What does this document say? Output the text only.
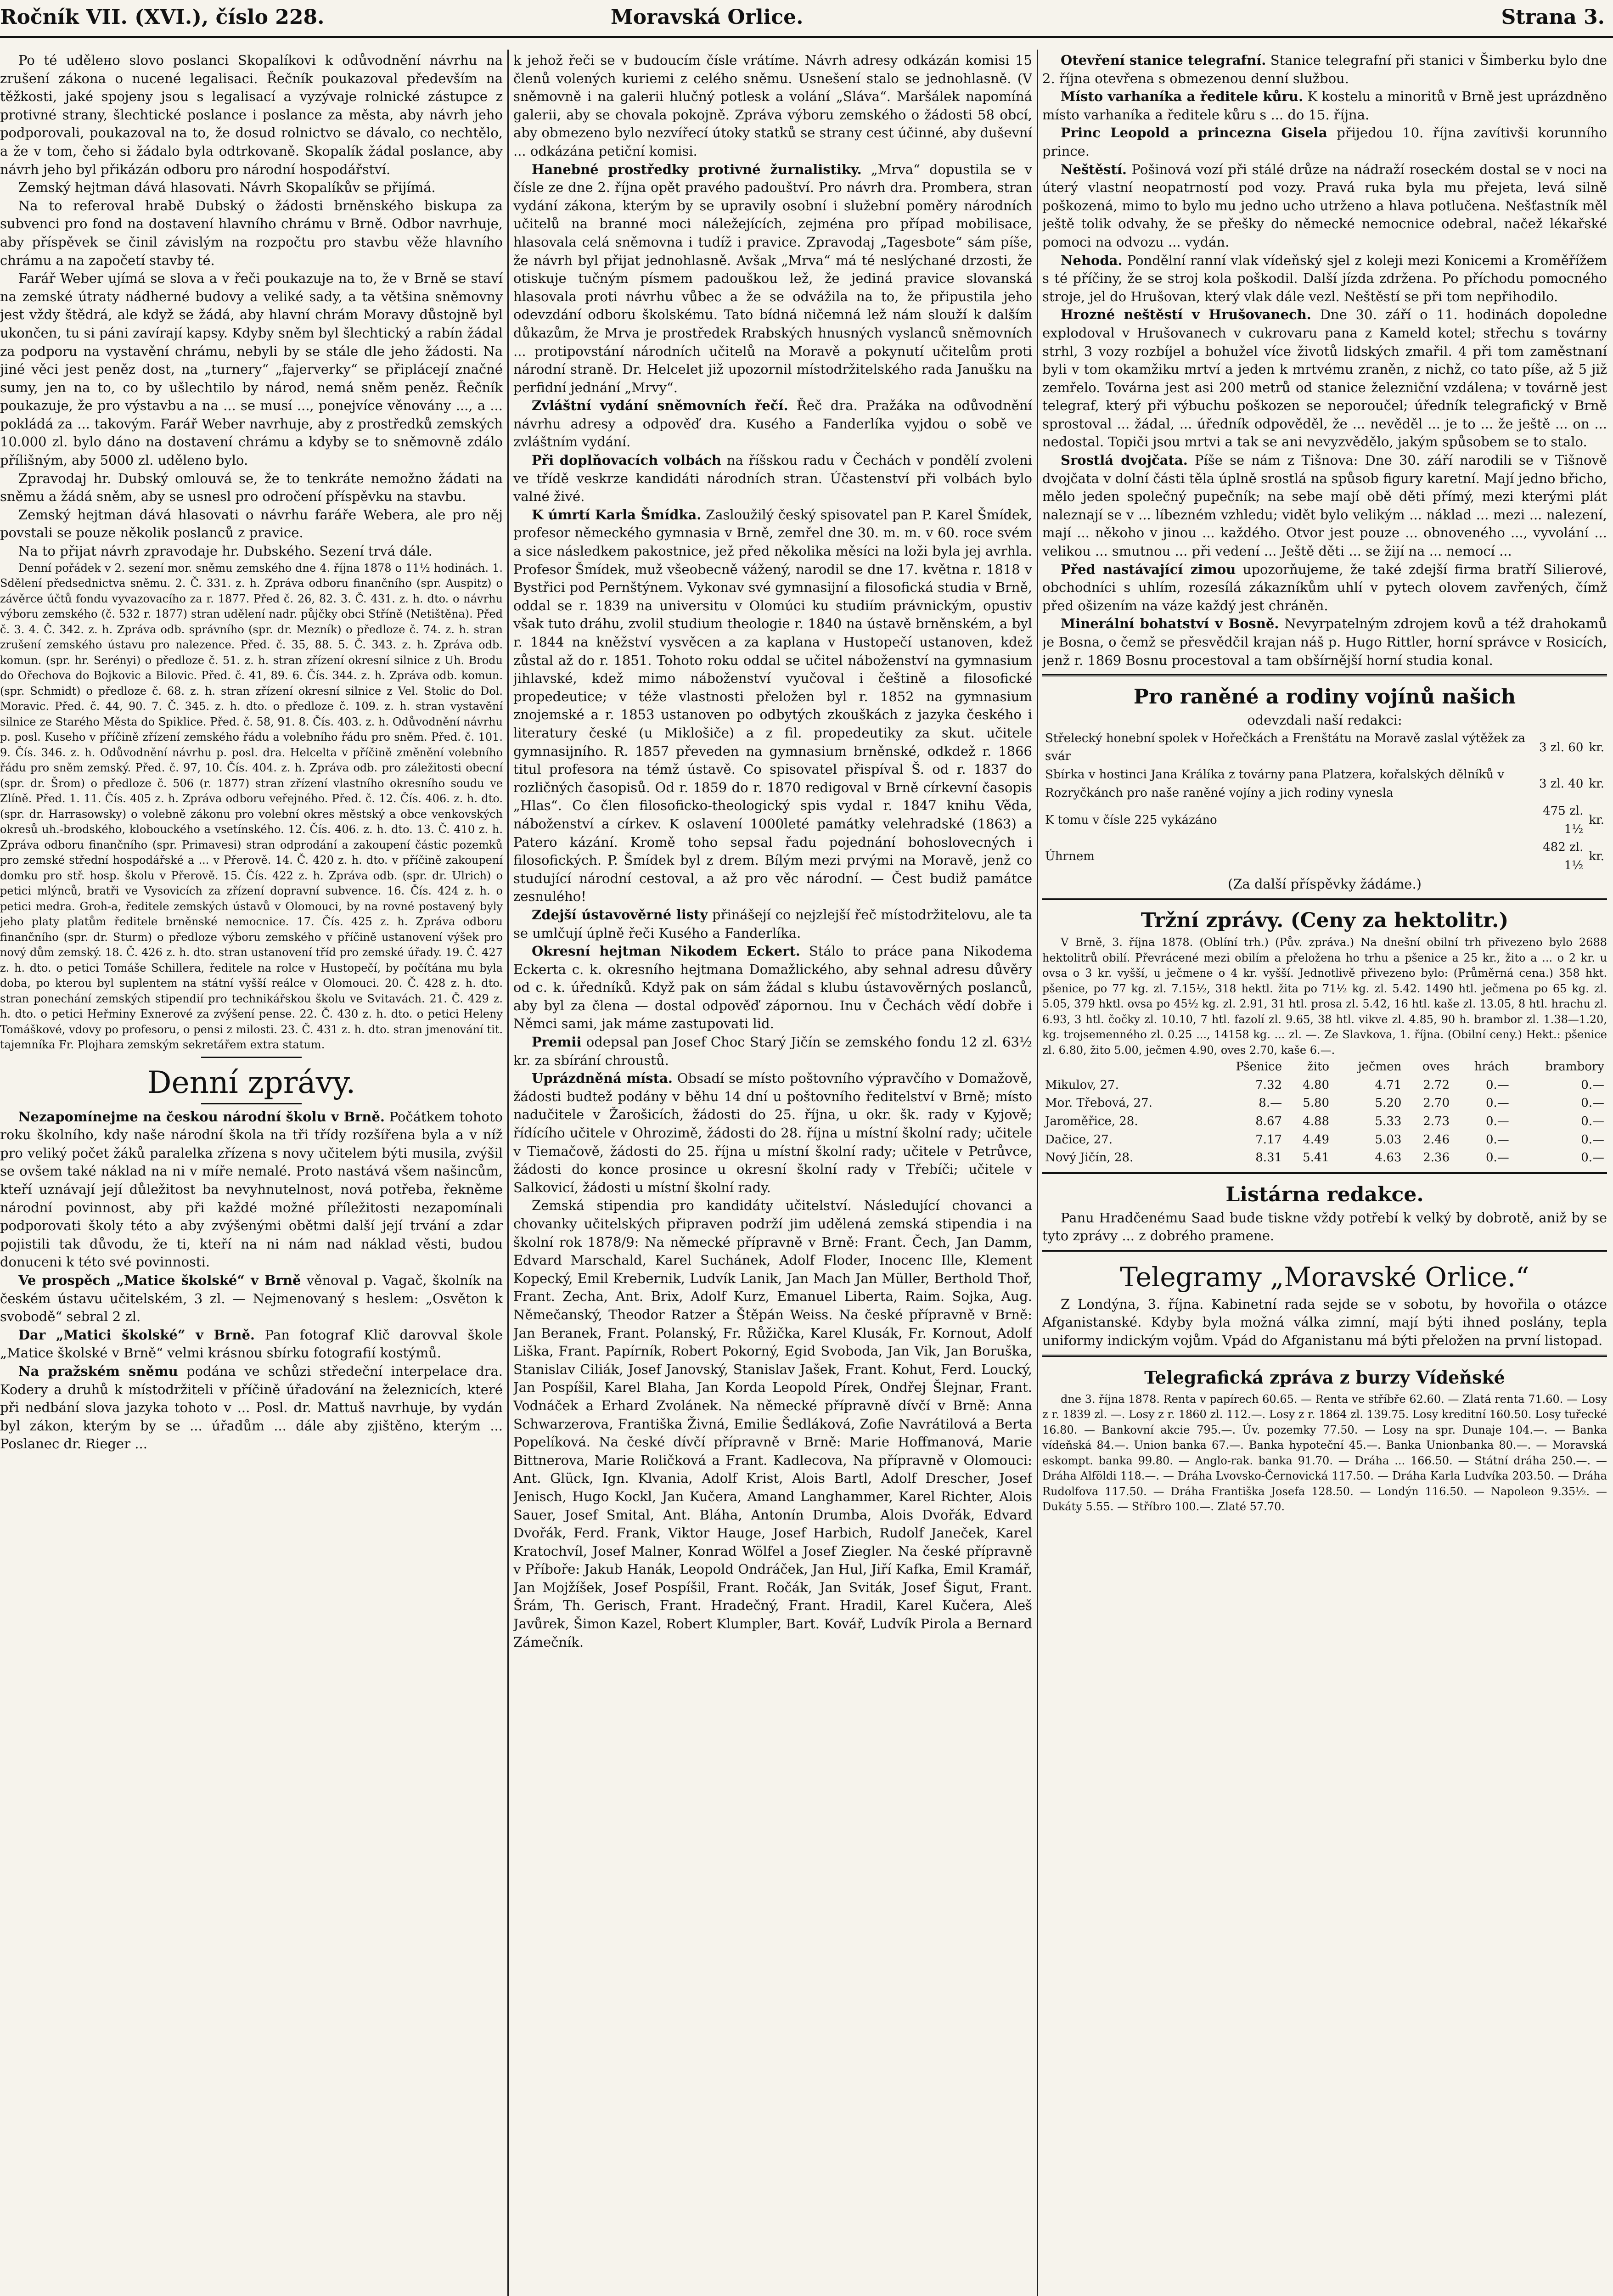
Ročník VII. (XVI.), číslo 228.	Moravská Orlice.	Strana 3.

Po té udělено slovo poslanci Skopalíkovi k odůvodnění návrhu na zrušení zákona o nucené legalisaci. Řečník poukazoval především na těžkosti, jaké spojeny jsou s legalisací a vyzývaje rolnické zástupce z protivné strany, šlechtické poslance i poslance za města, aby návrh jeho podporovali, poukazoval na to, že dosud rolnictvo se dávalo, co nechtělo, a že v tom, čeho si žádalo byla odtrkovaně. Skopalík žádal poslance, aby návrh jeho byl přikázán odboru pro národní hospodářství.

Zemský hejtman dává hlasovati. Návrh Skopalíkův se přijímá.

Na to referoval hrabě Dubský o žádosti brněnského biskupa za subvenci pro fond na dostavení hlavního chrámu v Brně. Odbor navrhuje, aby příspěvek se činil závislým na rozpočtu pro stavbu věže hlavního chrámu a na započetí stavby té.

Farář Weber ujímá se slova a v řeči poukazuje na to, že v Brně se staví na zemské útraty nádherné budovy a veliké sady, a ta většina sněmovny jest vždy štědrá, ale když se žádá, aby hlavní chrám Moravy důstojně byl ukončen, tu si páni zavírají kapsy. Kdyby sněm byl šlechtický a rabín žádal za podporu na vystavění chrámu, nebyli by se stále dle jeho žádosti. Na jiné věci jest peněz dost, na „turnery“ „fajerverky“ se připlácejí značné sumy, jen na to, co by ušlechtilo by národ, nemá sněm peněz. Řečník poukazuje, že pro výstavbu a na ... se musí ..., ponejvíce věnovány ..., a ... pokládá za ... takovým. Farář Weber navrhuje, aby z prostředků zemských 10.000 zl. bylo dáno na dostavení chrámu a kdyby se to sněmovně zdálo přílišným, aby 5000 zl. uděleno bylo.

Zpravodaj hr. Dubský omlouvá se, že to tenkráte nemožno žádati na sněmu a žádá sněm, aby se usnesl pro odročení příspěvku na stavbu.

Zemský hejtman dává hlasovati o návrhu faráře Webera, ale pro něj povstali se pouze několik poslanců z pravice.

Na to přijat návrh zpravodaje hr. Dubského. Sezení trvá dále.

Denní pořádek v 2. sezení mor. sněmu zemského dne 4. října 1878 o 11½ hodinách. 1. Sdělení předsednictva sněmu. 2. Č. 331. z. h. Zpráva odboru finančního (spr. Auspitz) o závěrce účtů fondu vyvazovacího za r. 1877. Před č. 26, 82. 3. Č. 431. z. h. dto. o návrhu výboru zemského (č. 532 r. 1877) stran udělení nadr. půjčky obci Stříně (Netištěna). Před č. 3. 4. Č. 342. z. h. Zpráva odb. správního (spr. dr. Mezník) o předloze č. 74. z. h. stran zrušení zemského ústavu pro nalezence. Před. č. 35, 88. 5. Č. 343. z. h. Zpráva odb. komun. (spr. hr. Serényi) o předloze č. 51. z. h. stran zřízení okresní silnice z Uh. Brodu do Ořechova do Bojkovic a Bilovic. Před. č. 41, 89. 6. Čís. 344. z. h. Zpráva odb. komun. (spr. Schmidt) o předloze č. 68. z. h. stran zřízení okresní silnice z Vel. Stolic do Dol. Moravic. Před. č. 44, 90. 7. Č. 345. z. h. dto. o předloze č. 109. z. h. stran vystavění silnice ze Starého Města do Spiklice. Před. č. 58, 91. 8. Čís. 403. z. h. Odůvodnění návrhu p. posl. Kuseho v příčině zřízení zemského řádu a volebního řádu pro sněm. Před. č. 101. 9. Čís. 346. z. h. Odůvodnění návrhu p. posl. dra. Helcelta v příčině změnění volebního řádu pro sněm zemský. Před. č. 97, 10. Čís. 404. z. h. Zpráva odb. pro záležitosti obecní (spr. dr. Šrom) o předloze č. 506 (r. 1877) stran zřízení vlastního okresního soudu ve Zlíně. Před. 1. 11. Čís. 405 z. h. Zpráva odboru veřejného. Před. č. 12. Čís. 406. z. h. dto. (spr. dr. Harrasowsky) o volebně zákonu pro volební okres městský a obce venkovských okresů uh.-brodského, klobouckého a vsetínského. 12. Čís. 406. z. h. dto. 13. Č. 410 z. h. Zpráva odboru finančního (spr. Primavesi) stran odprodání a zakoupení částic pozemků pro zemské střední hospodářské a ... v Přerově. 14. Č. 420 z. h. dto. v příčině zakoupení domku pro stř. hosp. školu v Přerově. 15. Čís. 422 z. h. Zpráva odb. (spr. dr. Ulrich) o petici mlýnců, bratři ve Vysovicích za zřízení dopravní subvence. 16. Čís. 424 z. h. o petici medra. Groh-a, ředitele zemských ústavů v Olomouci, by na rovné postavený byly jeho platy platům ředitele brněnské nemocnice. 17. Čís. 425 z. h. Zpráva odboru finančního (spr. dr. Sturm) o předloze výboru zemského v příčině ustanovení výšek pro nový dům zemský. 18. Č. 426 z. h. dto. stran ustanovení tříd pro zemské úřady. 19. Č. 427 z. h. dto. o petici Tomáše Schillera, ředitele na rolce v Hustopečí, by počítána mu byla doba, po kterou byl suplentem na státní vyšší reálce v Olomouci. 20. Č. 428 z. h. dto. stran ponechání zemských stipendií pro technikářskou školu ve Svitavách. 21. Č. 429 z. h. dto. o petici Heřminy Exnerové za zvýšení pense. 22. Č. 430 z. h. dto. o petici Heleny Tomáškové, vdovy po profesoru, o pensi z milosti. 23. Č. 431 z. h. dto. stran jmenování tit. tajemníka Fr. Plojhara zemským sekretářem extra statum.

Denní zprávy.

Nezapomínejme na českou národní školu v Brně. Počátkem tohoto roku školního, kdy naše národní škola na tři třídy rozšířena byla a v níž pro veliký počet žáků paralelka zřízena s novy učitelem býti musila, zvýšil se ovšem také náklad na ni v míře nemalé. Proto nastává všem našincům, kteří uznávají její důležitost ba nevyhnutelnost, nová potřeba, řekněme národní povinnost, aby při každé možné příležitosti nezapomínali podporovati školy této a aby zvýšenými obětmi další její trvání a zdar pojistili tak důvodu, že ti, kteří na ni nám nad náklad věsti, budou donuceni k této své povinnosti.

Ve prospěch „Matice školské“ v Brně věnoval p. Vagač, školník na českém ústavu učitelském, 3 zl. — Nejmenovaný s heslem: „Osvěton k svobodě“ sebral 2 zl.

Dar „Matici školské“ v Brně. Pan fotograf Klič darovval škole „Matice školské v Brně“ velmi krásnou sbírku fotografií kostýmů.

Na pražském sněmu podána ve schůzi středeční interpelace dra. Kodery a druhů k místodržiteli v příčině úřadování na železnicích, které při nedbání slova jazyka tohoto v ... Posl. dr. Mattuš navrhuje, by vydán byl zákon, kterým by se ... úřadům ... dále aby zjištěno, kterým ... Poslanec dr. Rieger ...

k jehož řeči se v budoucím čísle vrátíme. Návrh adresy odkázán komisi 15 členů volených kuriemi z celého sněmu. Usnešení stalo se jednohlasně. (V sněmovně i na galerii hlučný potlesk a volání „Sláva“. Maršálek napomíná galerii, aby se chovala pokojně. Zpráva výboru zemského o žádosti 58 obcí, aby obmezeno bylo nezvířecí útoky statků se strany cest účinné, aby duševní ... odkázána petiční komisi.

Hanebné prostředky protivné žurnalistiky. „Mrva“ dopustila se v čísle ze dne 2. října opět pravého padouštví. Pro návrh dra. Prombera, stran vydání zákona, kterým by se upravily osobní i služební poměry národních učitelů na branné moci náležejících, zejména pro případ mobilisace, hlasovala celá sněmovna i tudíž i pravice. Zpravodaj „Tagesbote“ sám píše, že návrh byl přijat jednohlasně. Avšak „Mrva“ má té neslýchané drzosti, že otiskuje tučným písmem padouškou lež, že jediná pravice slovanská hlasovala proti návrhu vůbec a že se odvážila na to, že připustila jeho odevzdání odboru školskému. Tato bídná ničemná lež nám slouží k dalším důkazům, že Mrva je prostředek Rrabských hnusných vyslanců sněmovních ... protipovstání národních učitelů na Moravě a pokynutí učitelům proti národní straně. Dr. Helcelet již upozornil místodržitelského rada Janušku na perfidní jednání „Mrvy“.

Zvláštní vydání sněmovních řečí. Řeč dra. Pražáka na odůvodnění návrhu adresy a odpověď dra. Kusého a Fanderlíka vyjdou o sobě ve zvláštním vydání.

Při doplňovacích volbách na říšskou radu v Čechách v pondělí zvoleni ve třídě veskrze kandidáti národních stran. Účastenství při volbách bylo valné živé.

K úmrtí Karla Šmídka. Zasloužilý český spisovatel pan P. Karel Šmídek, profesor německého gymnasia v Brně, zemřel dne 30. m. m. v 60. roce svém a sice následkem pakostnice, jež před několika měsíci na loži byla jej avrhla. Profesor Šmídek, muž všeobecně vážený, narodil se dne 17. května r. 1818 v Bystřici pod Pernštýnem. Vykonav své gymnasijní a filosofická studia v Brně, oddal se r. 1839 na universitu v Olomúci ku studiím právnickým, opustiv však tuto dráhu, zvolil studium theologie r. 1840 na ústavě brněnském, a byl r. 1844 na kněžství vysvěcen a za kaplana v Hustopečí ustanoven, kdež zůstal až do r. 1851. Tohoto roku oddal se učitel náboženství na gymnasium jihlavské, kdež mimo náboženství vyučoval i češtině a filosofické propedeutice; v téže vlastnosti přeložen byl r. 1852 na gymnasium znojemské a r. 1853 ustanoven po odbytých zkouškách z jazyka českého i literatury české (u Miklošiče) a z fil. propedeutiky za skut. učitele gymnasijního. R. 1857 převeden na gymnasium brněnské, odkdež r. 1866 titul profesora na témž ústavě. Co spisovatel přispíval Š. od r. 1837 do rozličných časopisů. Od r. 1859 do r. 1870 redigoval v Brně církevní časopis „Hlas“. Co člen filosoficko-theologický spis vydal r. 1847 knihu Věda, náboženství a církev. K oslavení 1000leté památky velehradské (1863) a Patero kázání. Kromě toho sepsal řadu pojednání bohoslovecných i filosofických. P. Šmídek byl z drem. Bílým mezi prvými na Moravě, jenž co studující národní cestoval, a až pro věc národní. — Čest budiž památce zesnulého!

Zdejší ústavověrné listy přinášejí co nejzlejší řeč místodržitelovu, ale ta se umlčují úplně řeči Kusého a Fanderlíka.

Okresní hejtman Nikodem Eckert. Stálo to práce pana Nikodema Eckerta c. k. okresního hejtmana Domažlického, aby sehnal adresu důvěry od c. k. úředníků. Když pak on sám žádal s klubu ústavověrných poslanců, aby byl za člena — dostal odpověď zápornou. Inu v Čechách vědí dobře i Němci sami, jak máme zastupovati lid.

Premii odepsal pan Josef Choc Starý Jičín se zemského fondu 12 zl. 63½ kr. za sbírání chroustů.

Uprázdněná místa. Obsadí se místo poštovního výpravčího v Domažově, žádosti budtež podány v běhu 14 dní u poštovního ředitelství v Brně; místo nadučitele v Žarošicích, žádosti do 25. října, u okr. šk. rady v Kyjově; řídícího učitele v Ohrozimě, žádosti do 28. října u místní školní rady; učitele v Tiemačově, žádosti do 25. října u místní školní rady; učitele v Petrůvce, žádosti do konce prosince u okresní školní rady v Třebíči; učitele v Salkovicí, žádosti u místní školní rady.

Zemská stipendia pro kandidáty učitelství. Následující chovanci a chovanky učitelských připraven podrží jim udělená zemská stipendia i na školní rok 1878/9: Na německé přípravně v Brně: Frant. Čech, Jan Damm, Edvard Marschald, Karel Suchánek, Adolf Floder, Inocenc Ille, Klement Kopecký, Emil Krebernik, Ludvík Lanik, Jan Mach Jan Müller, Berthold Thoř, Frant. Zecha, Ant. Brix, Adolf Kurz, Emanuel Liberta, Raim. Sojka, Aug. Němečanský, Theodor Ratzer a Štěpán Weiss. Na české přípravně v Brně: Jan Beranek, Frant. Polanský, Fr. Růžička, Karel Klusák, Fr. Kornout, Adolf Liška, Frant. Papírník, Robert Pokorný, Egid Svoboda, Jan Vik, Jan Boruška, Stanislav Ciliák, Josef Janovský, Stanislav Jašek, Frant. Kohut, Ferd. Loucký, Jan Pospíšil, Karel Blaha, Jan Korda Leopold Pírek, Ondřej Šlejnar, Frant. Vodnáček a Erhard Zvolánek. Na německé přípravně dívčí v Brně: Anna Schwarzerova, Františka Živná, Emilie Šedláková, Zofie Navrátilová a Berta Popelíková. Na české dívčí přípravně v Brně: Marie Hoffmanová, Marie Bittnerova, Marie Roličková a Frant. Kadlecova, Na přípravně v Olomouci: Ant. Glück, Ign. Klvania, Adolf Krist, Alois Bartl, Adolf Drescher, Josef Jenisch, Hugo Kockl, Jan Kučera, Amand Langhammer, Karel Richter, Alois Sauer, Josef Smital, Ant. Bláha, Antonín Drumba, Alois Dvořák, Edvard Dvořák, Ferd. Frank, Viktor Hauge, Josef Harbich, Rudolf Janeček, Karel Kratochvíl, Josef Malner, Konrad Wölfel a Josef Ziegler. Na české přípravně v Příboře: Jakub Hanák, Leopold Ondráček, Jan Hul, Jiří Kafka, Emil Kramář, Jan Mojžíšek, Josef Pospíšil, Frant. Ročák, Jan Sviták, Josef Šigut, Frant. Šrám, Th. Gerisch, Frant. Hradečný, Frant. Hradil, Karel Kučera, Aleš Javůrek, Šimon Kazel, Robert Klumpler, Bart. Kovář, Ludvík Pirola a Bernard Zámečník.

Otevření stanice telegrafní. Stanice telegrafní při stanici v Šimberku bylo dne 2. října otevřena s obmezenou denní službou.

Místo varhaníka a ředitele kůru. K kostelu a minoritů v Brně jest uprázdněno místo varhaníka a ředitele kůru s ... do 15. října.

Princ Leopold a princezna Gisela přijedou 10. října zavítivši korunního prince.

Neštěstí. Pošinová vozí při stálé drůze na nádraží roseckém dostal se v noci na úterý vlastní neopatrností pod vozy. Pravá ruka byla mu přejeta, levá silně poškozená, mimo to bylo mu jedno ucho utrženo a hlava potlučena. Nešťastník měl ještě tolik odvahy, že se přešky do německé nemocnice odebral, načež lékařské pomoci na odvozu ... vydán.

Nehoda. Pondělní ranní vlak vídeňský sjel z koleji mezi Konicemi a Kroměřížem s té příčiny, že se stroj kola poškodil. Další jízda zdržena. Po příchodu pomocného stroje, jel do Hrušovan, který vlak dále vezl. Neštěstí se při tom nepřihodilo.

Hrozné neštěstí v Hrušovanech. Dne 30. září o 11. hodinách dopoledne explodoval v Hrušovanech v cukrovaru pana z Kameld kotel; střechu s továrny strhl, 3 vozy rozbíjel a bohužel více životů lidských zmařil. 4 při tom zaměstnaní byli v tom okamžiku mrtví a jeden k mrtvému zraněn, z nichž, co tato píše, až 5 již zemřelo. Továrna jest asi 200 metrů od stanice železniční vzdálena; v továrně jest telegraf, který při výbuchu poškozen se neporoučel; úředník telegrafický v Brně sprostoval ... žádal, ... úředník odpověděl, že ... nevěděl ... je to ... že ještě ... on ... nedostal. Topiči jsou mrtvi a tak se ani nevyzvědělo, jakým spůsobem se to stalo.

Srostlá dvojčata. Píše se nám z Tišnova: Dne 30. září narodili se v Tišnově dvojčata v dolní části těla úplně srostlá na spůsob figury karetní. Mají jedno břicho, mělo jeden společný pupečník; na sebe mají obě děti přímý, mezi kterými plát naleznají se v ... líbezném vzhledu; vidět bylo velikým ... náklad ... mezi ... nalezení, mají ... někoho v jinou ... každého. Otvor jest pouze ... obnoveného ..., vyvolání ... velikou ... smutnou ... při vedení ... Ještě děti ... se žijí na ... nemocí ...

Před nastávající zimou upozorňujeme, že také zdejší firma bratří Silierové, obchodníci s uhlím, rozesílá zákazníkům uhlí v pytech olovem zavřených, čímž před ošizením na váze každý jest chráněn.

Minerální bohatství v Bosně. Nevyrpatelným zdrojem kovů a též drahokamů je Bosna, o čemž se přesvědčil krajan náš p. Hugo Rittler, horní správce v Rosicích, jenž r. 1869 Bosnu procestoval a tam obšírnější horní studia konal.

Pro raněné a rodiny vojínů našich
odevzdali naší redakci:
Střelecký honební spolek v Hořečkách a Frenštátu na Moravě zaslal výtěžek za svár	3 zl. 60	kr.
Sbírka v hostinci Jana Králíka z továrny pana Platzera, kořalských dělníků v Rozryčkánch pro naše raněné vojíny a jich rodiny vynesla	3 zl. 40	kr.
K tomu v čísle 225 vykázáno	475 zl. 1½	kr.
Úhrnem	482 zl. 1½	kr.
(Za další příspěvky žádáme.)
Tržní zprávy. (Ceny za hektolitr.)

V Brně, 3. října 1878. (Oblíní trh.) (Pův. zpráva.) Na dnešní obilní trh přivezeno bylo 2688 hektolitrů obilí. Převrácené mezi obilím a přeložena ho trhu a pšenice a 25 kr., žito a ... o 2 kr. u ovsa o 3 kr. vyšší, u ječmene o 4 kr. vyšší. Jednotlivě přivezeno bylo: (Průměrná cena.) 358 hkt. pšenice, po 77 kg. zl. 7.15½, 318 hektl. žita po 71½ kg. zl. 5.42. 1490 htl. ječmena po 65 kg. zl. 5.05, 379 hktl. ovsa po 45½ kg. zl. 2.91, 31 htl. prosa zl. 5.42, 16 htl. kaše zl. 13.05, 8 htl. hrachu zl. 6.93, 3 htl. čočky zl. 10.10, 7 htl. fazolí zl. 9.65, 38 htl. vikve zl. 4.85, 90 h. brambor zl. 1.38—1.20, kg. trojsemenného zl. 0.25 ..., 14158 kg. ... zl. —. Ze Slavkova, 1. října. (Obilní ceny.) Hekt.: pšenice zl. 6.80, žito 5.00, ječmen 4.90, oves 2.70, kaše 6.—.

	Pšenice	žito	ječmen	oves	hrách	brambory
Mikulov, 27.	7.32	4.80	4.71	2.72	0.—	0.—
Mor. Třebová, 27.	8.—	5.80	5.20	2.70	0.—	0.—
Jaroměřice, 28.	8.67	4.88	5.33	2.73	0.—	0.—
Dačice, 27.	7.17	4.49	5.03	2.46	0.—	0.—
Nový Jičín, 28.	8.31	5.41	4.63	2.36	0.—	0.—
Listárna redakce.

Panu Hradčenému Saad bude tiskne vždy potřebí k velký by dobrotě, aniž by se tyto zprávy ... z dobrého pramene.

Telegramy „Moravské Orlice.“

Z Londýna, 3. října. Kabinetní rada sejde se v sobotu, by hovořila o otázce Afganistanské. Kdyby byla možná válka zimní, mají býti ihned poslány, tepla uniformy indickým vojům. Vpád do Afganistanu má býti přeložen na první listopad.

Telegrafická zpráva z burzy Vídeňské

dne 3. října 1878. Renta v papírech 60.65. — Renta ve stříbře 62.60. — Zlatá renta 71.60. — Losy z r. 1839 zl. —. Losy z r. 1860 zl. 112.—. Losy z r. 1864 zl. 139.75. Losy kreditní 160.50. Losy tuřecké 16.80. — Bankovní akcie 795.—. Úv. pozemky 77.50. — Losy na spr. Dunaje 104.—. — Banka vídeňská 84.—. Union banka 67.—. Banka hypoteční 45.—. Banka Unionbanka 80.—. — Moravská eskompt. banka 99.80. — Anglo-rak. banka 91.70. — Dráha ... 166.50. — Státní dráha 250.—. — Dráha Alföldi 118.—. — Dráha Lvovsko-Černovická 117.50. — Dráha Karla Ludvíka 203.50. — Dráha Rudolfova 117.50. — Dráha Františka Josefa 128.50. — Londýn 116.50. — Napoleon 9.35½. — Dukáty 5.55. — Stříbro 100.—. Zlaté 57.70.
